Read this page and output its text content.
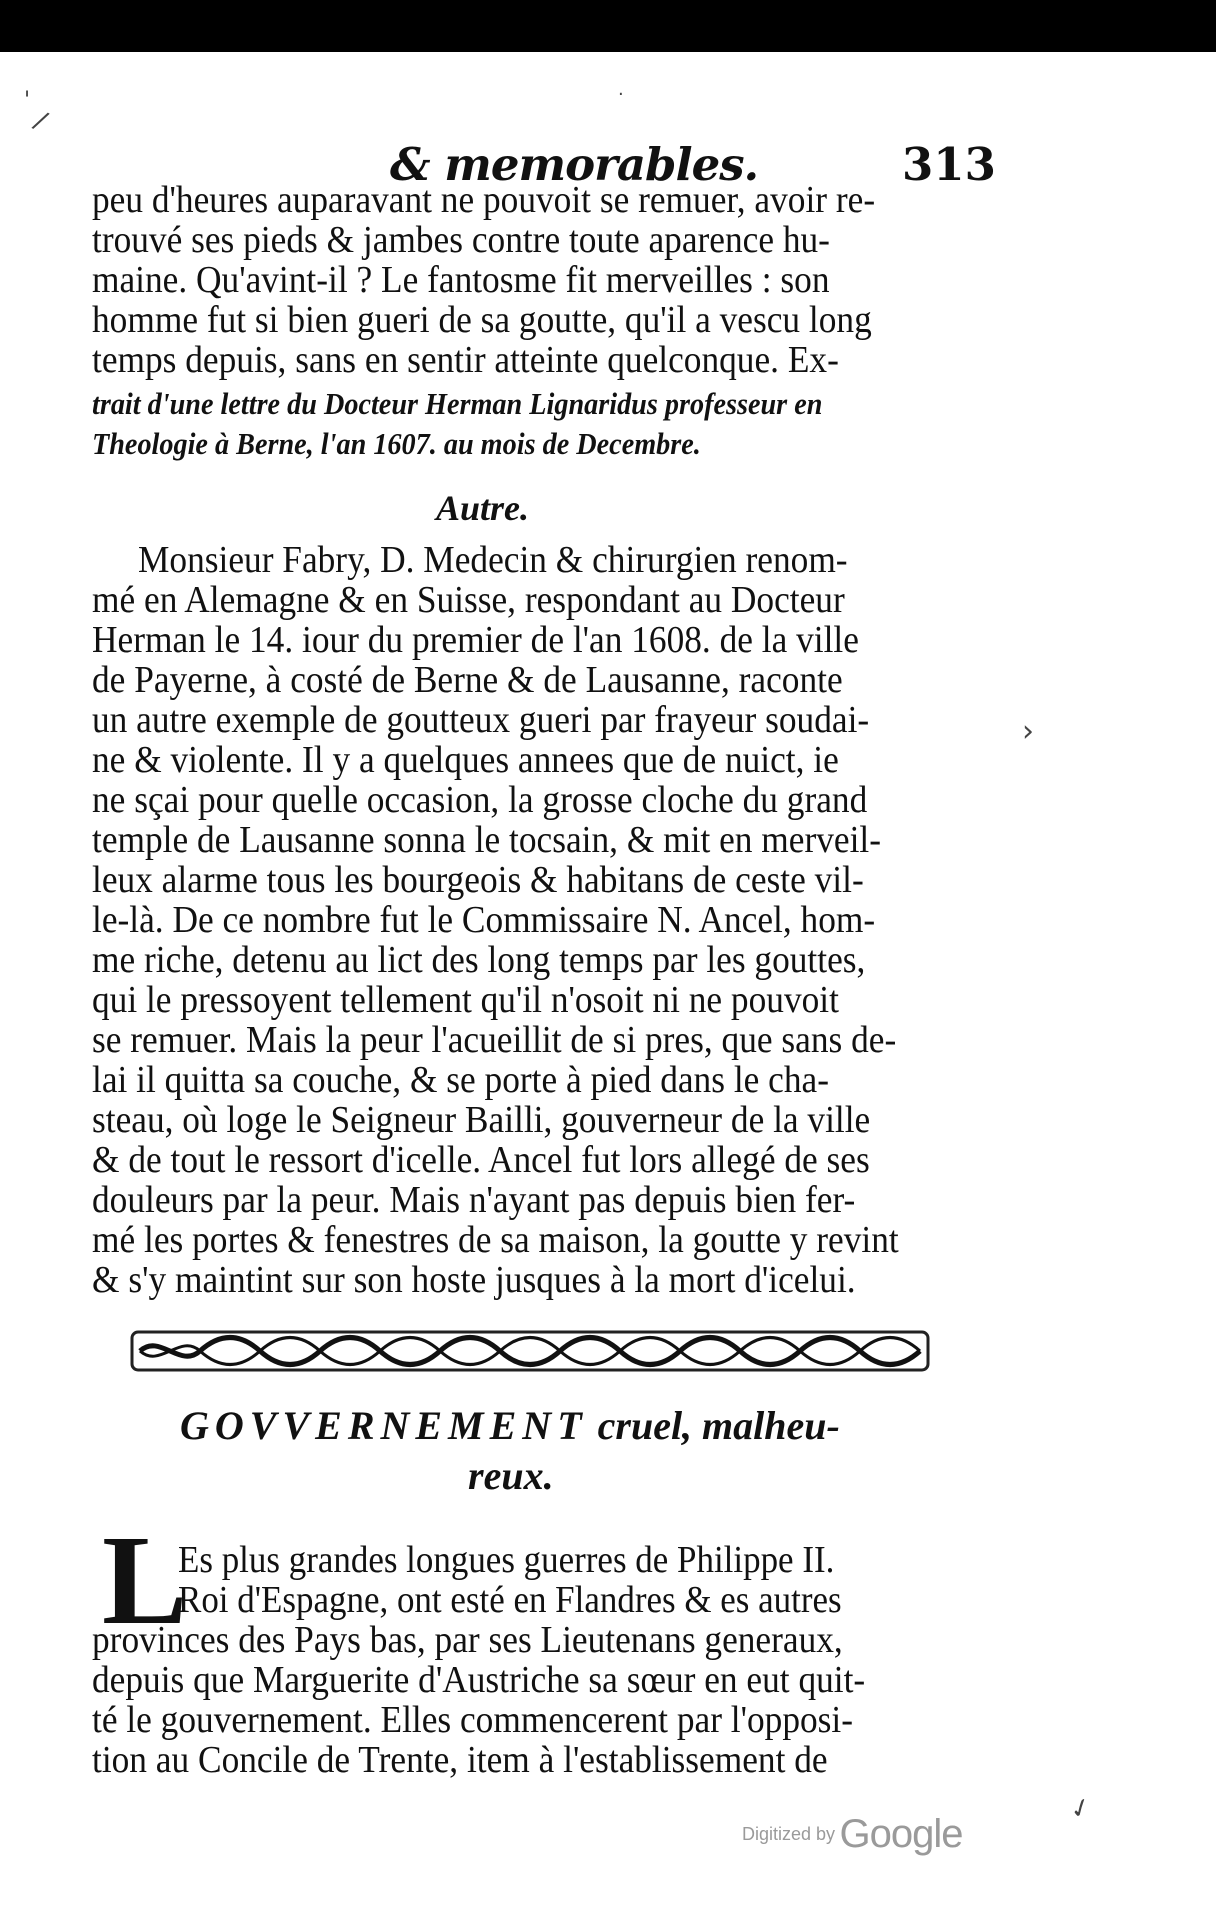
'
/
·
›
✓
& memorables.	313
peu d'heures auparavant ne pouvoit se remuer, avoir re-
trouvé ses pieds & jambes contre toute aparence hu-
maine. Qu'avint-il ? Le fantosme fit merveilles : son
homme fut si bien gueri de sa goutte, qu'il a vescu long
temps depuis, sans en sentir atteinte quelconque. Ex-
trait d'une lettre du Docteur Herman Lignaridus professeur en
Theologie à Berne, l'an 1607. au mois de Decembre.
Autre.
Monsieur Fabry, D. Medecin & chirurgien renom-
mé en Alemagne & en Suisse, respondant au Docteur
Herman le 14. iour du premier de l'an 1608. de la ville
de Payerne, à costé de Berne & de Lausanne, raconte
un autre exemple de goutteux gueri par frayeur soudai-
ne & violente. Il y a quelques annees que de nuict, ie
ne sçai pour quelle occasion, la grosse cloche du grand
temple de Lausanne sonna le tocsain, & mit en merveil-
leux alarme tous les bourgeois & habitans de ceste vil-
le-là. De ce nombre fut le Commissaire N. Ancel, hom-
me riche, detenu au lict des long temps par les gouttes,
qui le pressoyent tellement qu'il n'osoit ni ne pouvoit
se remuer. Mais la peur l'acueillit de si pres, que sans de-
lai il quitta sa couche, & se porte à pied dans le cha-
steau, où loge le Seigneur Bailli, gouverneur de la ville
& de tout le ressort d'icelle. Ancel fut lors allegé de ses
douleurs par la peur. Mais n'ayant pas depuis bien fer-
mé les portes & fenestres de sa maison, la goutte y revint
& s'y maintint sur son hoste jusques à la mort d'icelui.
GOVVERNEMENT cruel, malheu-
reux.
L
Es plus grandes longues guerres de Philippe II.
Roi d'Espagne, ont esté en Flandres & es autres
provinces des Pays bas, par ses Lieutenans generaux,
depuis que Marguerite d'Austriche sa sœur en eut quit-
té le gouvernement. Elles commencerent par l'opposi-
tion au Concile de Trente, item à l'establissement de
Digitized by Google
